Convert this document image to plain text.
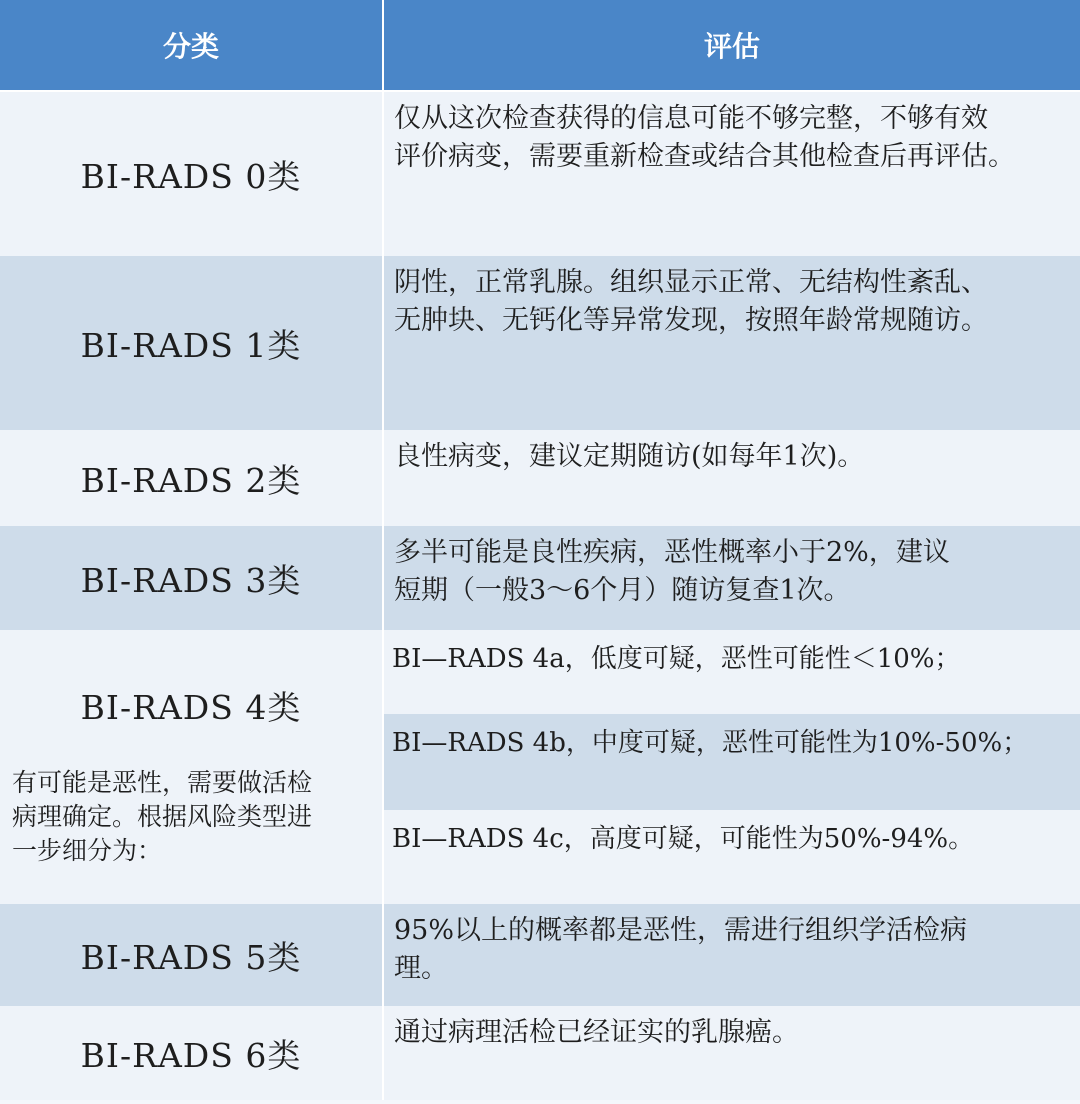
分类	评估
BI-RADS 0类
仅从这次检查获得的信息可能不够完整，不够有效
评价病变，需要重新检查或结合其他检查后再评估。
BI-RADS 1类
阴性，正常乳腺。组织显示正常、无结构性紊乱、
无肿块、无钙化等异常发现，按照年龄常规随访。
BI-RADS 2类
良性病变，建议定期随访(如每年1次)。
BI-RADS 3类
多半可能是良性疾病，恶性概率小于2%，建议
短期（一般3～6个月）随访复查1次。
BI-RADS 4类
有可能是恶性，需要做活检
病理确定。根据风险类型进
一步细分为：
BI—RADS 4a，低度可疑，恶性可能性＜10%；
BI—RADS 4b，中度可疑，恶性可能性为10%-50%；
BI—RADS 4c，高度可疑，可能性为50%-94%。
BI-RADS 5类
95%以上的概率都是恶性，需进行组织学活检病
理。
BI-RADS 6类
通过病理活检已经证实的乳腺癌。
